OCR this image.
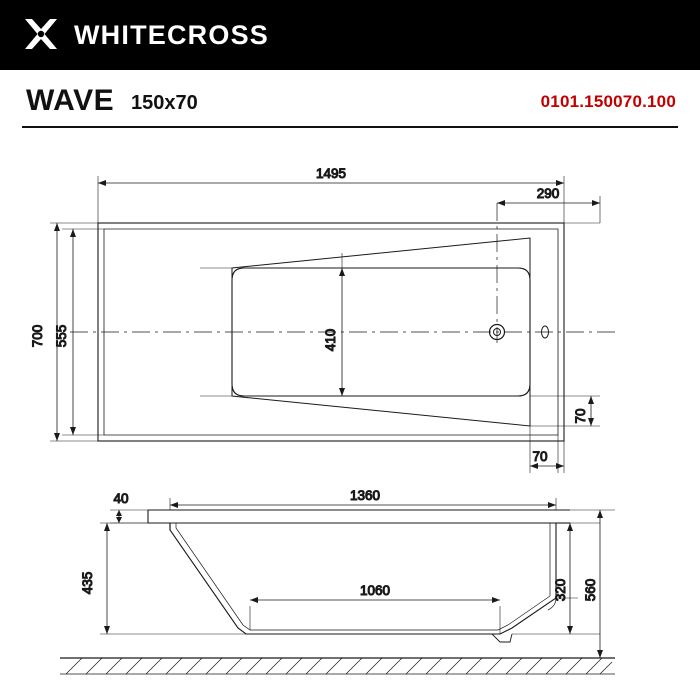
WHITECROSS
WAVE 150x70	0101.150070.100
1495
290
700 555	410
70
70
40	1360
435	1060	320 560
